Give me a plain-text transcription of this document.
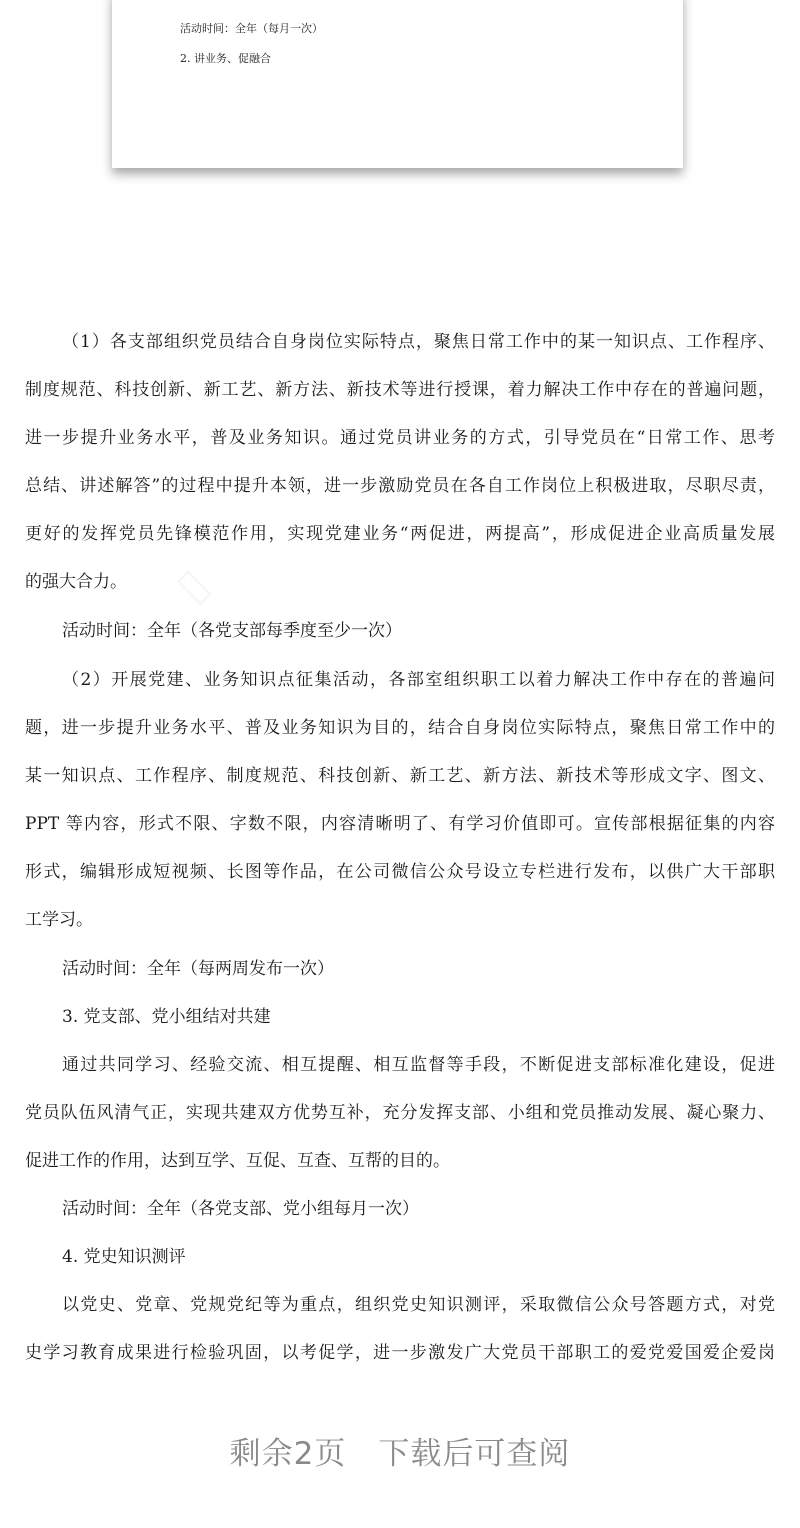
活动时间：全年（每月一次）
2. 讲业务、促融合
（1）各支部组织党员结合自身岗位实际特点，聚焦日常工作中的某一知识点、工作程序、
制度规范、科技创新、新工艺、新方法、新技术等进行授课，着力解决工作中存在的普遍问题，
进一步提升业务水平，普及业务知识。通过党员讲业务的方式，引导党员在“日常工作、思考
总结、讲述解答”的过程中提升本领，进一步激励党员在各自工作岗位上积极进取，尽职尽责，
更好的发挥党员先锋模范作用，实现党建业务“两促进，两提高”，形成促进企业高质量发展
的强大合力。
活动时间：全年（各党支部每季度至少一次）
（2）开展党建、业务知识点征集活动，各部室组织职工以着力解决工作中存在的普遍问
题，进一步提升业务水平、普及业务知识为目的，结合自身岗位实际特点，聚焦日常工作中的
某一知识点、工作程序、制度规范、科技创新、新工艺、新方法、新技术等形成文字、图文、
PPT 等内容，形式不限、字数不限，内容清晰明了、有学习价值即可。宣传部根据征集的内容
形式，编辑形成短视频、长图等作品，在公司微信公众号设立专栏进行发布，以供广大干部职
工学习。
活动时间：全年（每两周发布一次）
3. 党支部、党小组结对共建
通过共同学习、经验交流、相互提醒、相互监督等手段，不断促进支部标准化建设，促进
党员队伍风清气正，实现共建双方优势互补，充分发挥支部、小组和党员推动发展、凝心聚力、
促进工作的作用，达到互学、互促、互查、互帮的目的。
活动时间：全年（各党支部、党小组每月一次）
4. 党史知识测评
以党史、党章、党规党纪等为重点，组织党史知识测评，采取微信公众号答题方式，对党
史学习教育成果进行检验巩固，以考促学，进一步激发广大党员干部职工的爱党爱国爱企爱岗
剩余2页　下载后可查阅
